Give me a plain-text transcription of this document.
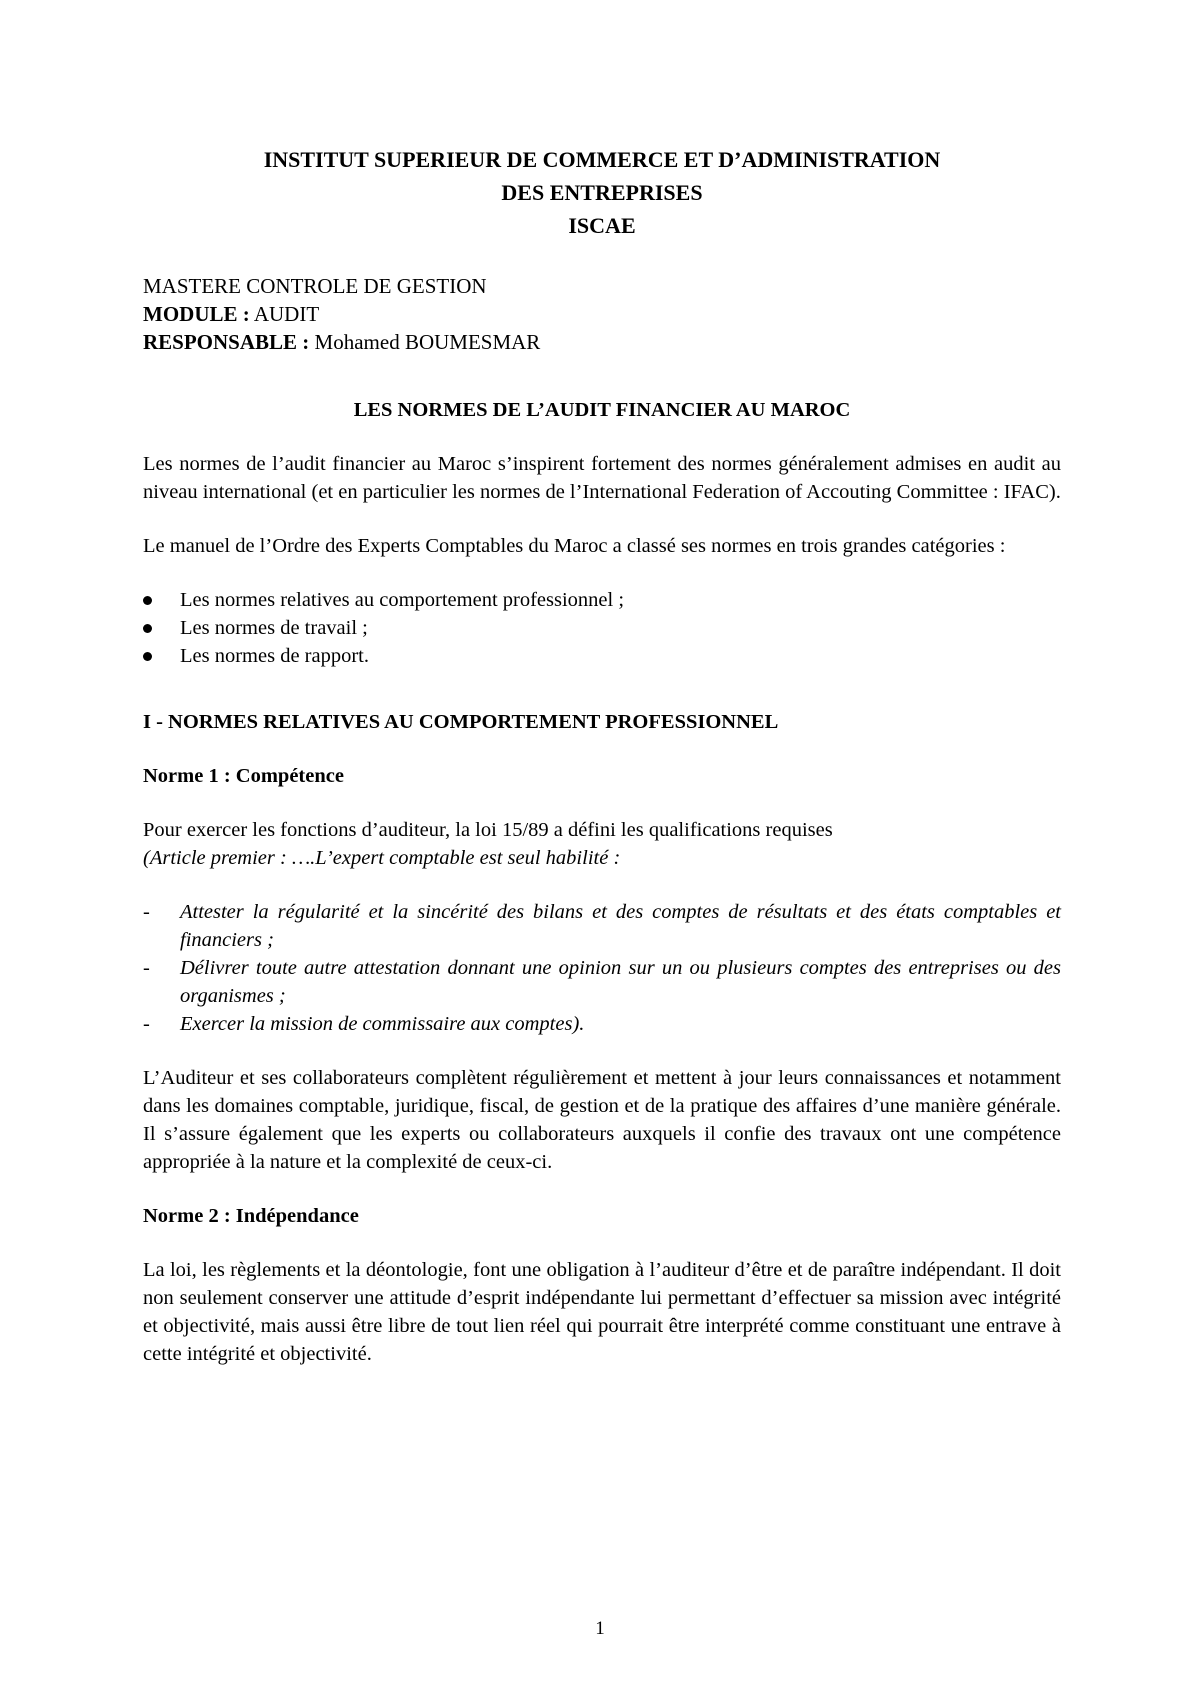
INSTITUT SUPERIEUR DE COMMERCE ET D’ADMINISTRATION

DES ENTREPRISES

ISCAE

MASTERE CONTROLE DE GESTION
MODULE : AUDIT
RESPONSABLE : Mohamed BOUMESMAR
LES NORMES DE L’AUDIT FINANCIER AU MAROC

Les normes de l’audit financier au Maroc s’inspirent fortement des normes généralement admises en audit au niveau international (et en particulier les normes de l’International Federation of Accouting Committee : IFAC).

Le manuel de l’Ordre des Experts Comptables du Maroc a classé ses normes en trois grandes catégories :

Les normes relatives au comportement professionnel ;
Les normes de travail ;
Les normes de rapport.
I - NORMES RELATIVES AU COMPORTEMENT PROFESSIONNEL
Norme 1 : Compétence

Pour exercer les fonctions d’auditeur, la loi 15/89 a défini les qualifications requises

(Article premier : ….L’expert comptable est seul habilité :

- Attester la régularité et la sincérité des bilans et des comptes de résultats et des états comptables et financiers ;
- Délivrer toute autre attestation donnant une opinion sur un ou plusieurs comptes des entreprises ou des organismes ;
- Exercer la mission de commissaire aux comptes).

L’Auditeur et ses collaborateurs complètent régulièrement et mettent à jour leurs connaissances et notamment dans les domaines comptable, juridique, fiscal, de gestion et de la pratique des affaires d’une manière générale. Il s’assure également que les experts ou collaborateurs auxquels il confie des travaux ont une compétence appropriée à la nature et la complexité de ceux-ci.

Norme 2 : Indépendance

La loi, les règlements et la déontologie, font une obligation à l’auditeur d’être et de paraître indépendant. Il doit non seulement conserver une attitude d’esprit indépendante lui permettant d’effectuer sa mission avec intégrité et objectivité, mais aussi être libre de tout lien réel qui pourrait être interprété comme constituant une entrave à cette intégrité et objectivité.

1
